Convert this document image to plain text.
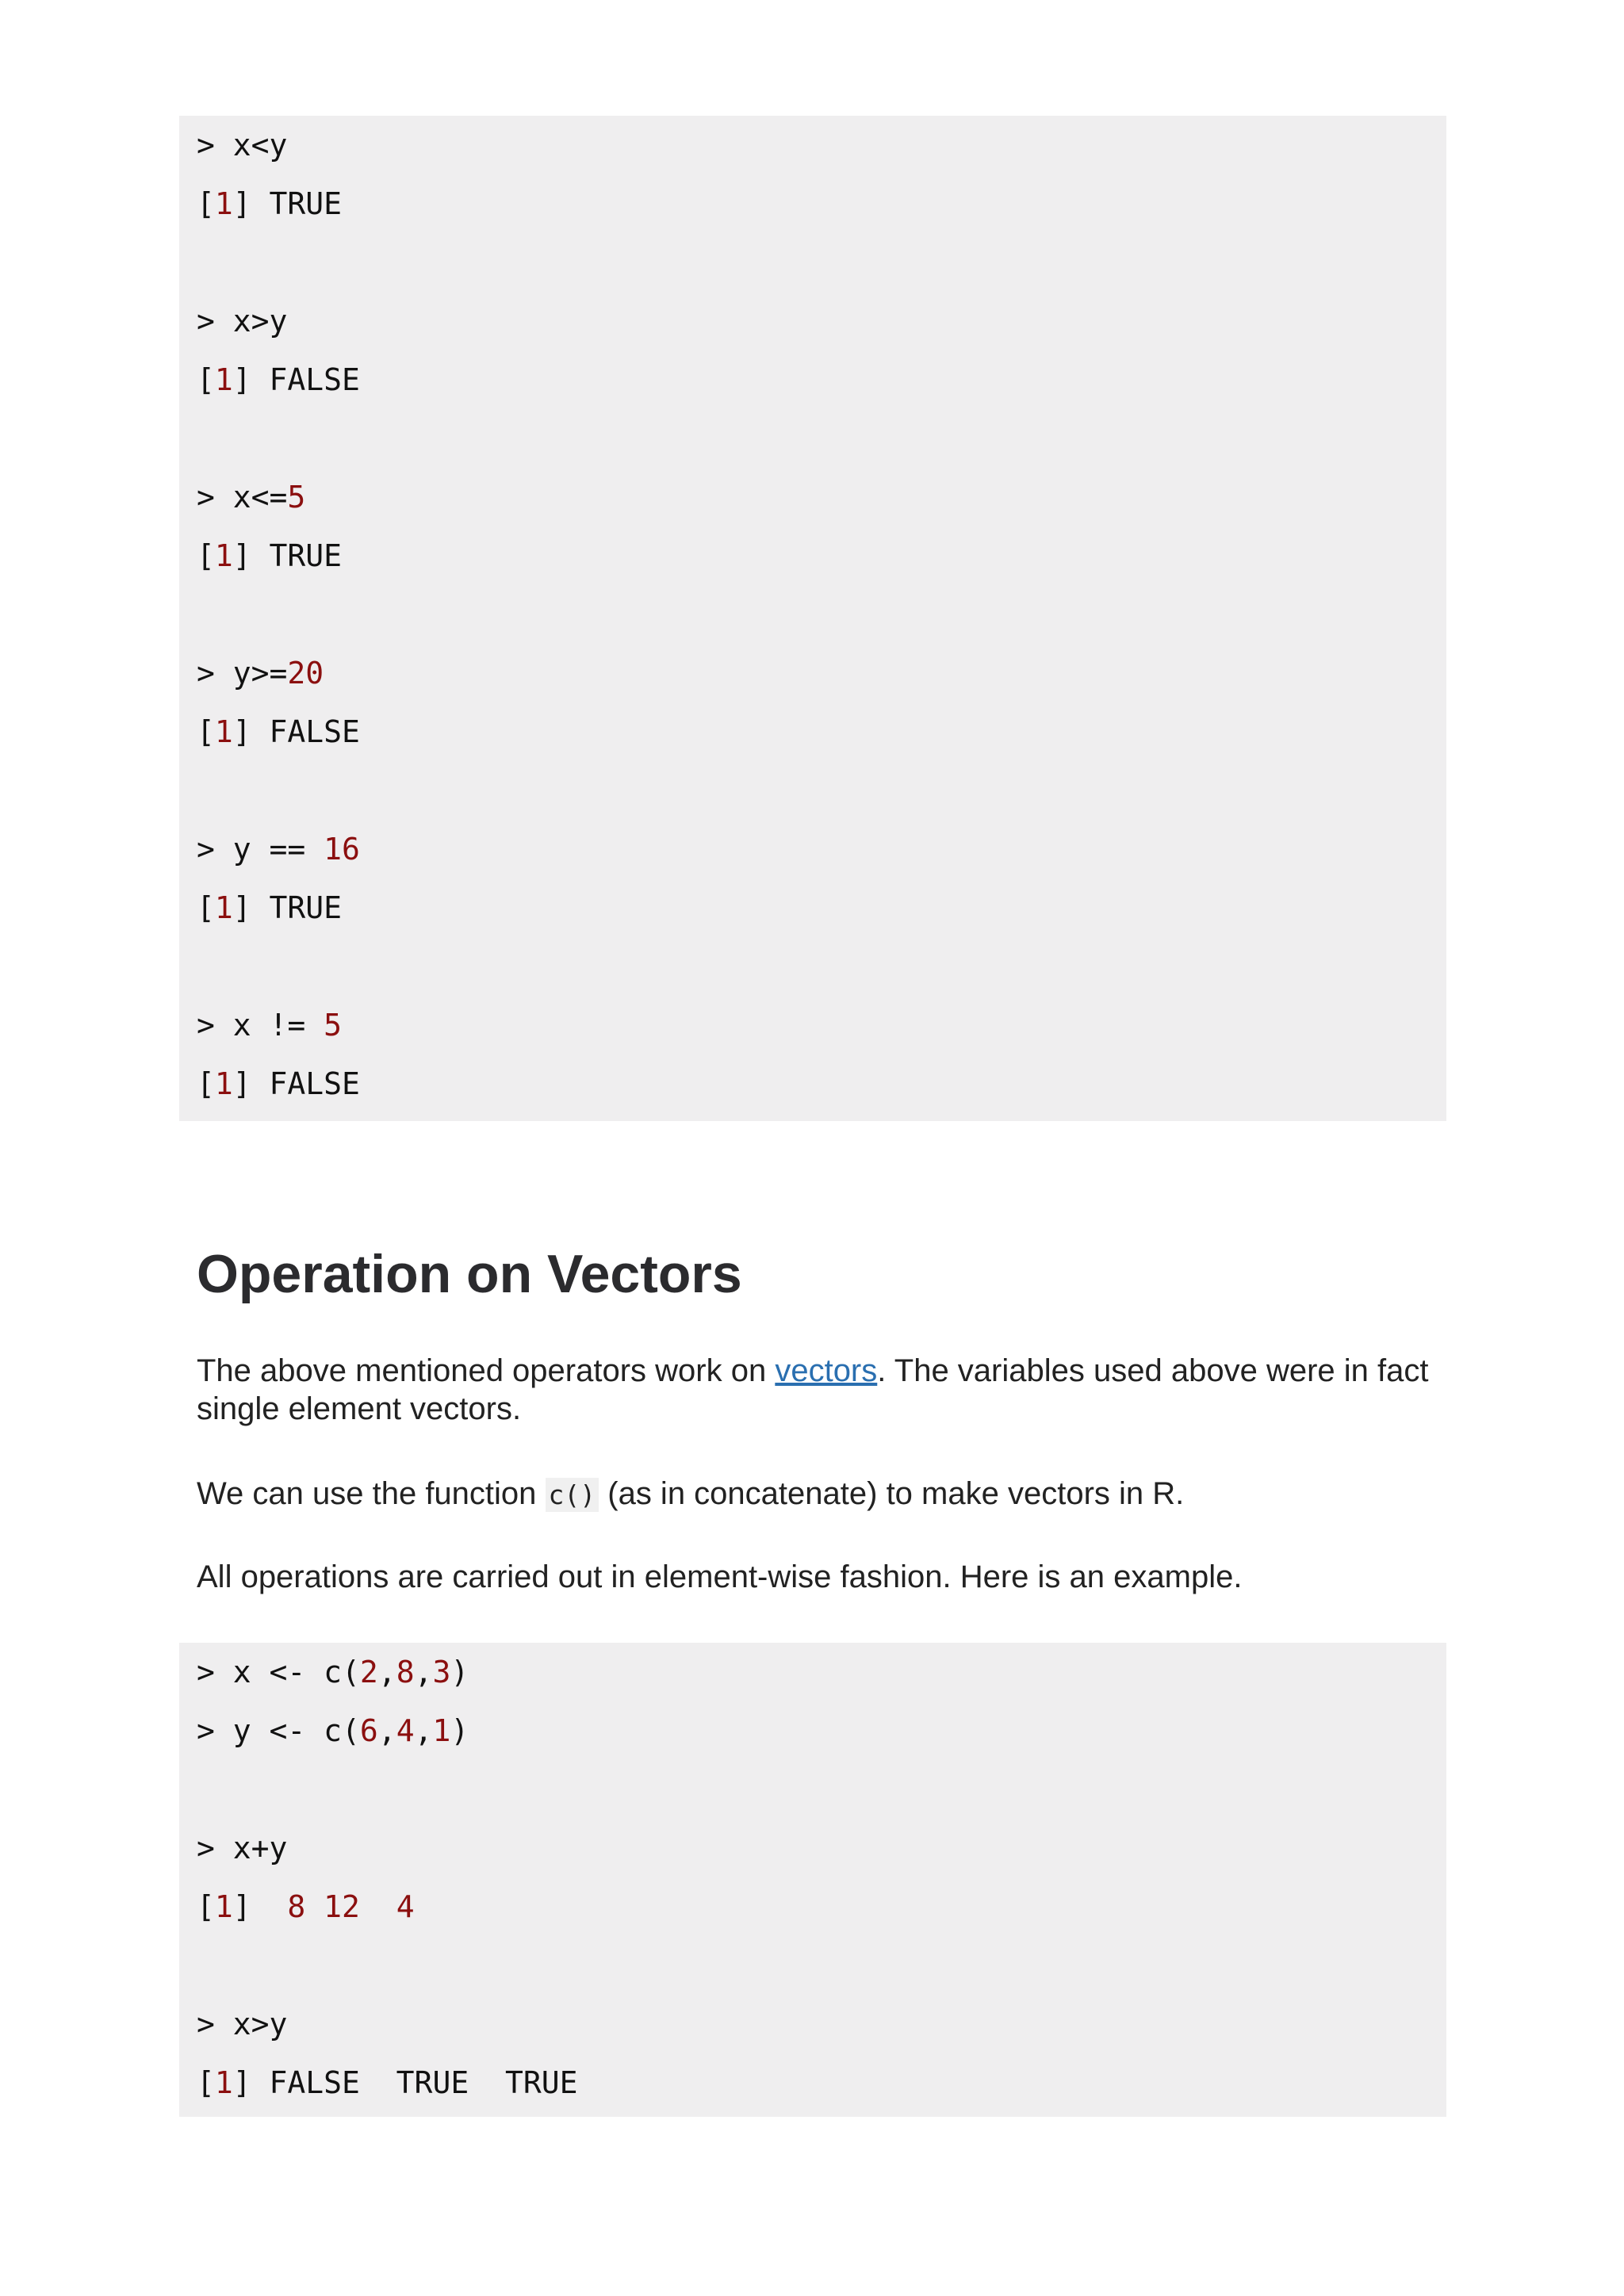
> x<y
[1] TRUE
> x>y
[1] FALSE
> x<=5
[1] TRUE
> y>=20
[1] FALSE
> y == 16
[1] TRUE
> x != 5
[1] FALSE
Operation on Vectors

The above mentioned operators work on vectors. The variables used above were in fact single element vectors.

We can use the function c() (as in concatenate) to make vectors in R.

All operations are carried out in element-wise fashion. Here is an example.

> x <- c(2,8,3)
> y <- c(6,4,1)
> x+y
[1]  8 12  4
> x>y
[1] FALSE  TRUE  TRUE
